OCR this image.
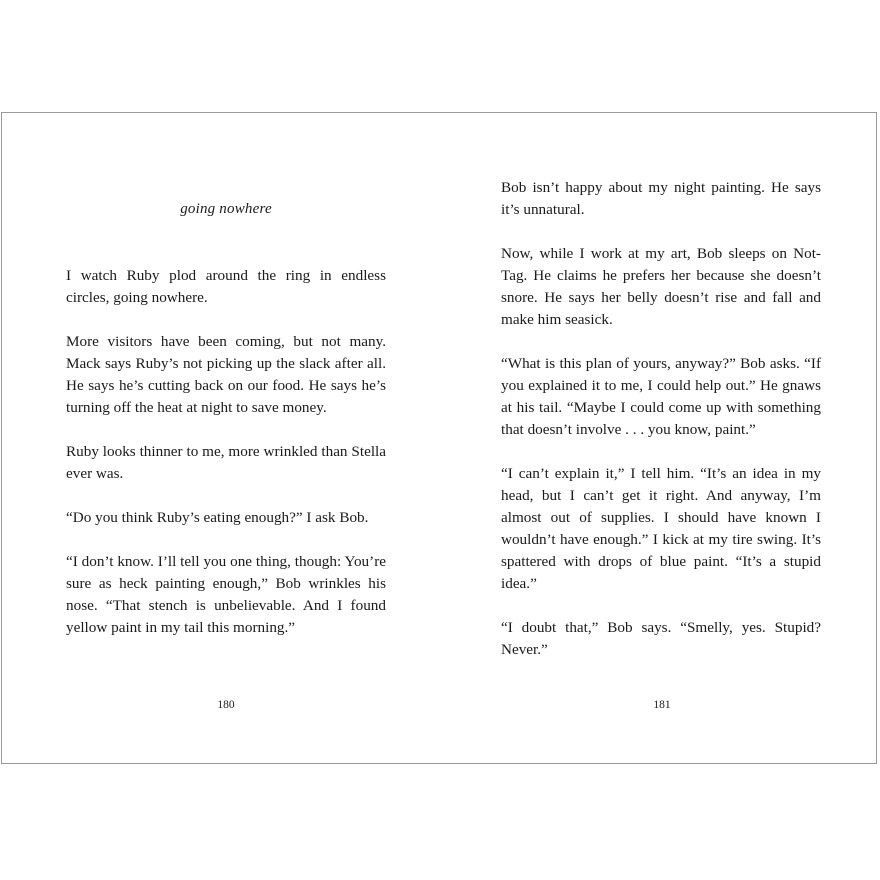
going nowhere

I watch Ruby plod around the ring in endless circles, going nowhere.

More visitors have been coming, but not many. Mack says Ruby’s not picking up the slack after all. He says he’s cutting back on our food. He says he’s turning off the heat at night to save money.

Ruby looks thinner to me, more wrinkled than Stella ever was.

“Do you think Ruby’s eating enough?” I ask Bob.

“I don’t know. I’ll tell you one thing, though: You’re sure as heck painting enough,” Bob wrinkles his nose. “That stench is unbelievable. And I found yellow paint in my tail this morning.”

180

Bob isn’t happy about my night painting. He says it’s unnatural.

Now, while I work at my art, Bob sleeps on Not-Tag. He claims he prefers her because she doesn’t snore. He says her belly doesn’t rise and fall and make him seasick.

“What is this plan of yours, anyway?” Bob asks. “If you explained it to me, I could help out.” He gnaws at his tail. “Maybe I could come up with something that doesn’t involve . . . you know, paint.”

“I can’t explain it,” I tell him. “It’s an idea in my head, but I can’t get it right. And anyway, I’m almost out of supplies. I should have known I wouldn’t have enough.” I kick at my tire swing. It’s spattered with drops of blue paint. “It’s a stupid idea.”

“I doubt that,” Bob says. “Smelly, yes. Stupid? Never.”

181
